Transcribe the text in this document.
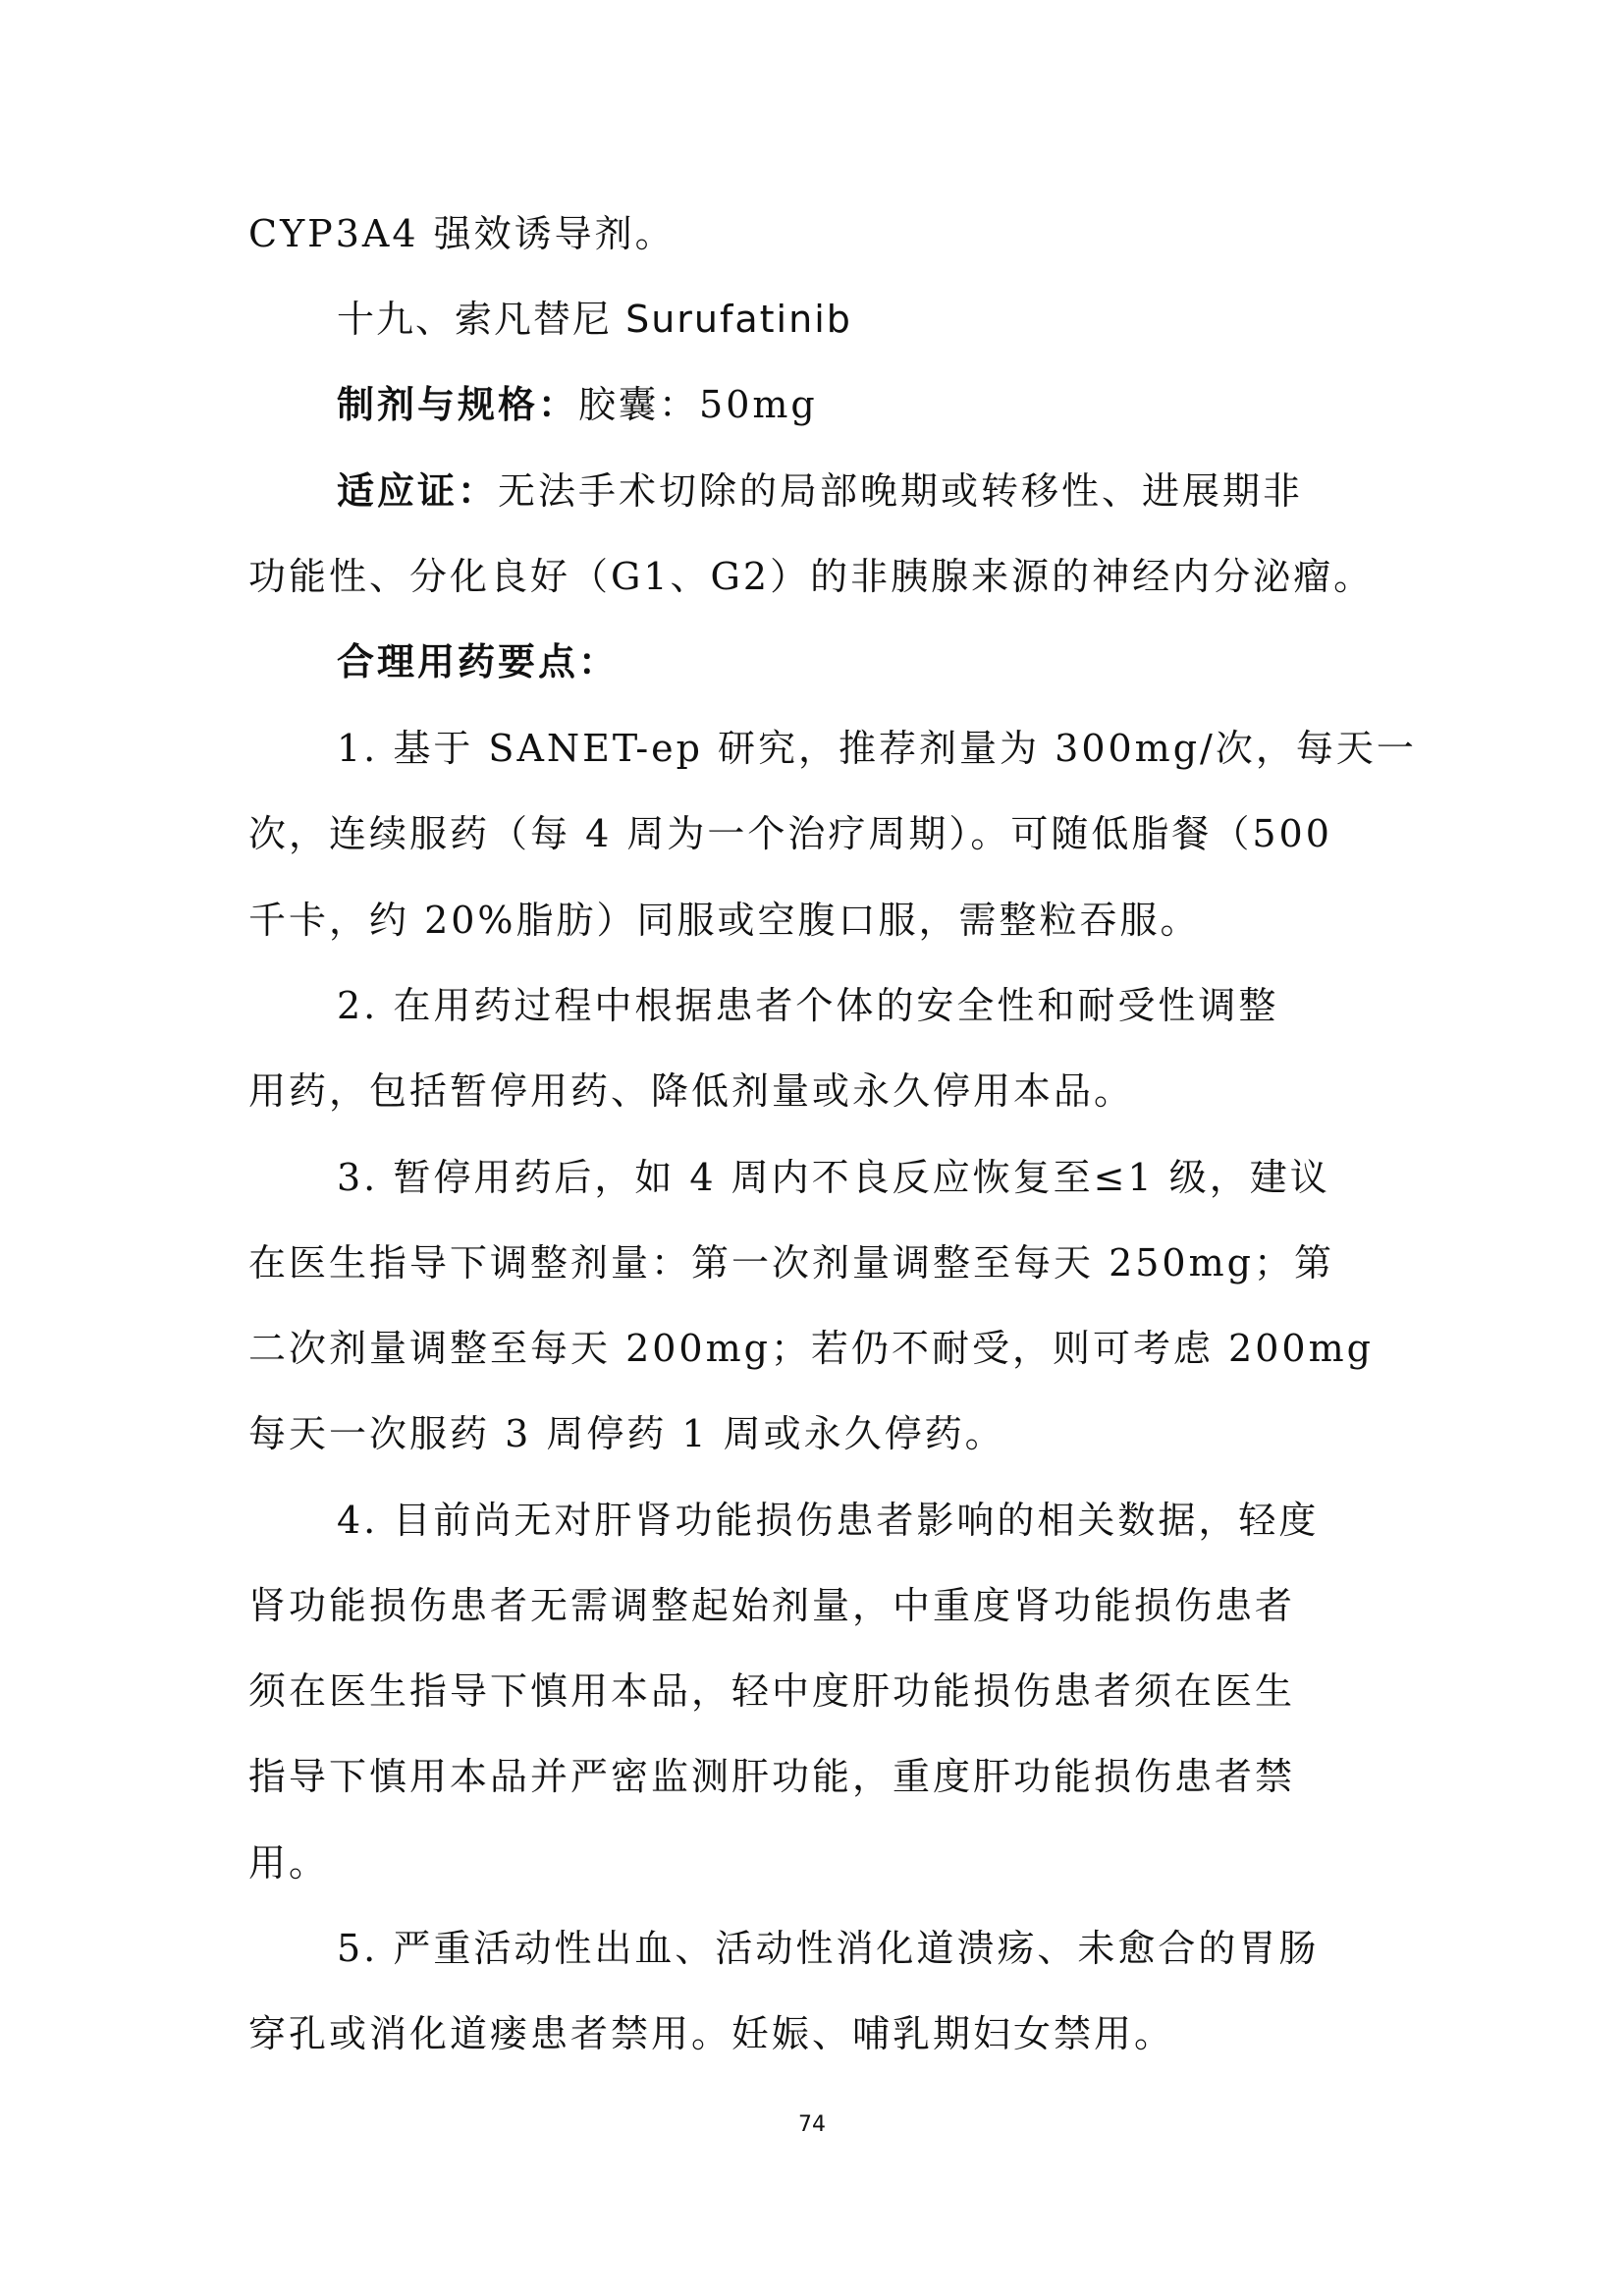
CYP3A4 强效诱导剂。
十九、索凡替尼 Surufatinib
制剂与规格：胶囊：50mg
适应证：无法手术切除的局部晚期或转移性、进展期非
功能性、分化良好（G1、G2）的非胰腺来源的神经内分泌瘤。
合理用药要点：
1. 基于 SANET-ep 研究，推荐剂量为 300mg/次，每天一
次，连续服药（每 4 周为一个治疗周期）。可随低脂餐（500
千卡，约 20%脂肪）同服或空腹口服，需整粒吞服。
2. 在用药过程中根据患者个体的安全性和耐受性调整
用药，包括暂停用药、降低剂量或永久停用本品。
3. 暂停用药后，如 4 周内不良反应恢复至≤1 级，建议
在医生指导下调整剂量：第一次剂量调整至每天 250mg；第
二次剂量调整至每天 200mg；若仍不耐受，则可考虑 200mg
每天一次服药 3 周停药 1 周或永久停药。
4. 目前尚无对肝肾功能损伤患者影响的相关数据，轻度
肾功能损伤患者无需调整起始剂量，中重度肾功能损伤患者
须在医生指导下慎用本品，轻中度肝功能损伤患者须在医生
指导下慎用本品并严密监测肝功能，重度肝功能损伤患者禁
用。
5. 严重活动性出血、活动性消化道溃疡、未愈合的胃肠
穿孔或消化道瘘患者禁用。妊娠、哺乳期妇女禁用。
74
